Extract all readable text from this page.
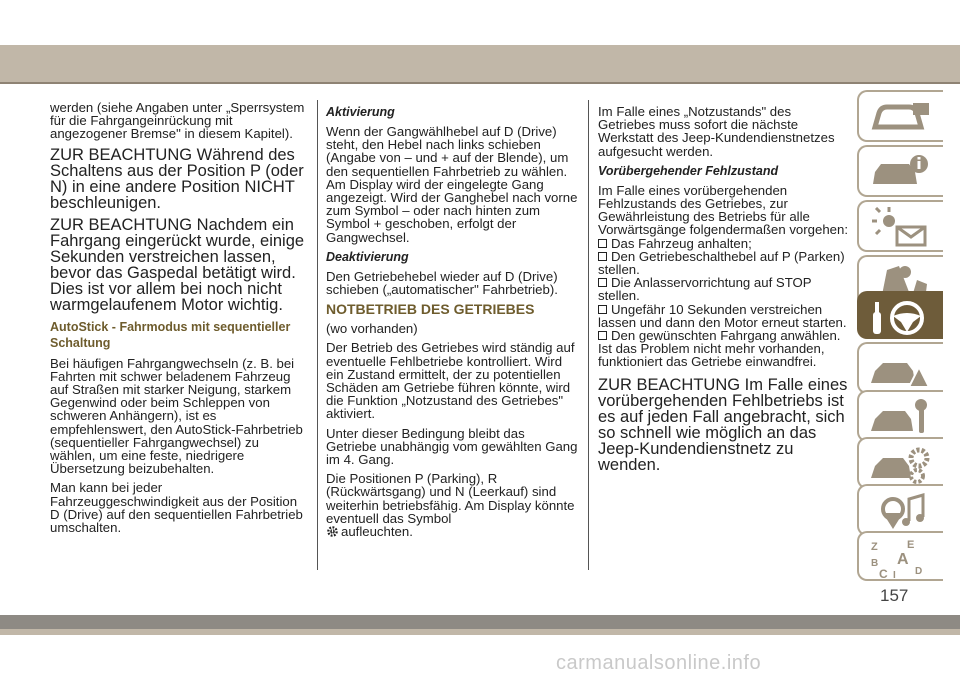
werden (siehe Angaben unter „Sperrsystem für die Fahrgangeinrückung mit angezogener Bremse" in diesem Kapitel).

ZUR BEACHTUNG Während des Schaltens aus der Position P (oder N) in eine andere Position NICHT beschleunigen.

ZUR BEACHTUNG Nachdem ein Fahrgang eingerückt wurde, einige Sekunden verstreichen lassen, bevor das Gaspedal betätigt wird. Dies ist vor allem bei noch nicht warmgelaufenem Motor wichtig.

AutoStick - Fahrmodus mit sequentieller Schaltung

Bei häufigen Fahrgangwechseln (z. B. bei Fahrten mit schwer beladenem Fahrzeug auf Straßen mit starker Neigung, starkem Gegenwind oder beim Schleppen von schweren Anhängern), ist es empfehlenswert, den AutoStick-Fahrbetrieb (sequentieller Fahrgangwechsel) zu wählen, um eine feste, niedrigere Übersetzung beizubehalten.

Man kann bei jeder Fahrzeuggeschwindigkeit aus der Position D (Drive) auf den sequentiellen Fahrbetrieb umschalten.

Aktivierung

Wenn der Gangwählhebel auf D (Drive) steht, den Hebel nach links schieben (Angabe von – und + auf der Blende), um den sequentiellen Fahrbetrieb zu wählen. Am Display wird der eingelegte Gang angezeigt. Wird der Ganghebel nach vorne zum Symbol – oder nach hinten zum Symbol + geschoben, erfolgt der Gangwechsel.

Deaktivierung

Den Getriebehebel wieder auf D (Drive) schieben („automatischer" Fahrbetrieb).

NOTBETRIEB DES GETRIEBES

(wo vorhanden)

Der Betrieb des Getriebes wird ständig auf eventuelle Fehlbetriebe kontrolliert. Wird ein Zustand ermittelt, der zu potentiellen Schäden am Getriebe führen könnte, wird die Funktion „Notzustand des Getriebes" aktiviert.

Unter dieser Bedingung bleibt das Getriebe unabhängig vom gewählten Gang im 4. Gang.

Die Positionen P (Parking), R (Rückwärtsgang) und N (Leerkauf) sind weiterhin betriebsfähig. Am Display könnte eventuell das Symbol
aufleuchten.

Im Falle eines „Notzustands" des Getriebes muss sofort die nächste Werkstatt des Jeep-Kundendienstnetzes aufgesucht werden.

Vorübergehender Fehlzustand

Im Falle eines vorübergehenden Fehlzustands des Getriebes, zur Gewährleistung des Betriebs für alle Vorwärtsgänge folgendermaßen vorgehen:

Das Fahrzeug anhalten;
Den Getriebeschalthebel auf P (Parken) stellen.
Die Anlasservorrichtung auf STOP stellen.
Ungefähr 10 Sekunden verstreichen lassen und dann den Motor erneut starten.
Den gewünschten Fahrgang anwählen. Ist das Problem nicht mehr vorhanden, funktioniert das Getriebe einwandfrei.

ZUR BEACHTUNG Im Falle eines vorübergehenden Fehlbetriebs ist es auf jeden Fall angebracht, sich so schnell wie möglich an das Jeep-Kundendienstnetz zu wenden.

Z	E
B A
C	D
I
157
carmanualsonline.info
